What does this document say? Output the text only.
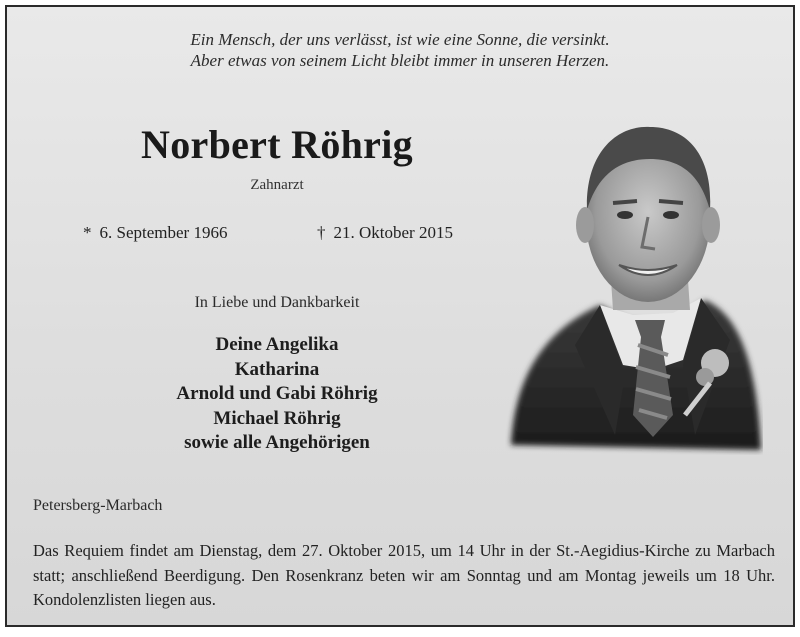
Ein Mensch, der uns verlässt, ist wie eine Sonne, die versinkt.
Aber etwas von seinem Licht bleibt immer in unseren Herzen.
Norbert Röhrig
Zahnarzt
* 6. September 1966	† 21. Oktober 2015
In Liebe und Dankbarkeit
Deine Angelika
Katharina
Arnold und Gabi Röhrig
Michael Röhrig
sowie alle Angehörigen
Petersberg-Marbach
Das Requiem findet am Dienstag, dem 27. Oktober 2015, um 14 Uhr in der St.-Aegidius-Kirche zu Marbach statt; anschließend Beerdigung. Den Rosenkranz beten wir am Sonntag und am Montag jeweils um 18 Uhr. Kondolenzlisten liegen aus.
